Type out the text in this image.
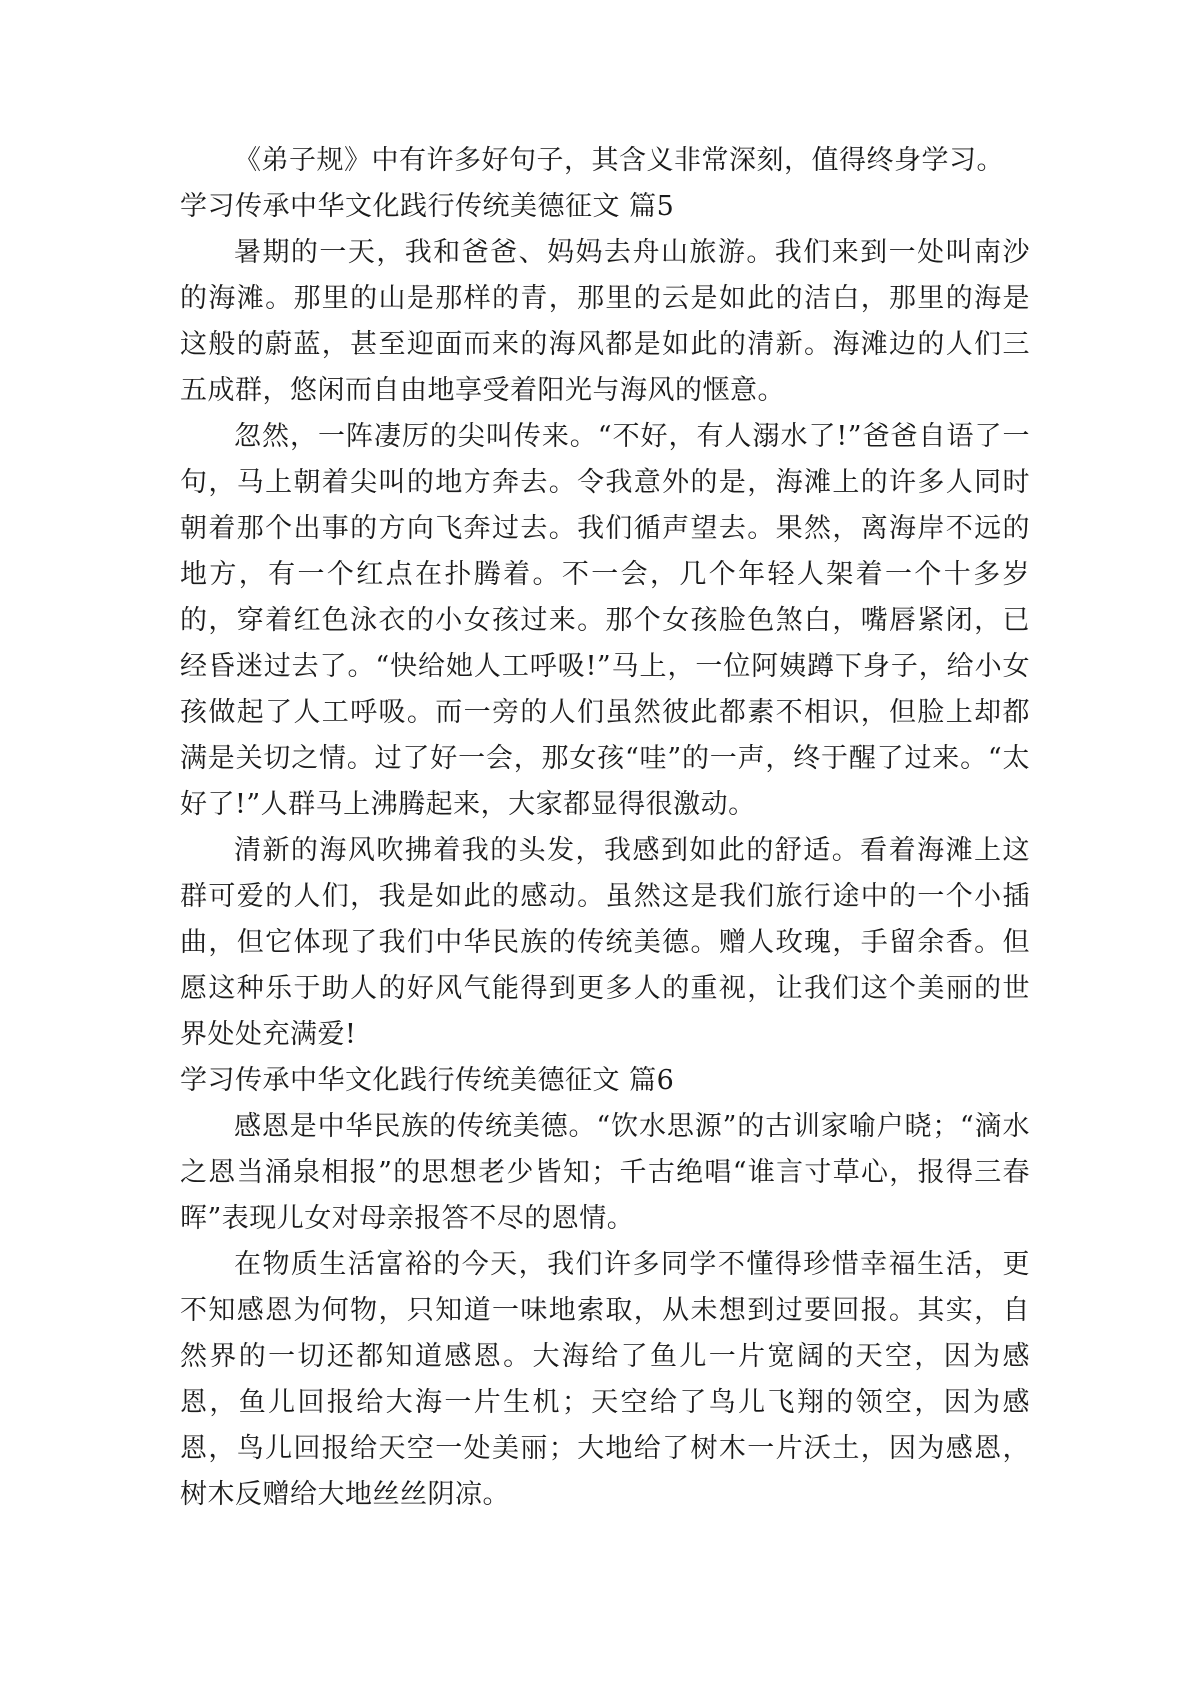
《弟子规》中有许多好句子，其含义非常深刻，值得终身学习。

学习传承中华文化践行传统美德征文 篇5

暑期的一天，我和爸爸、妈妈去舟山旅游。我们来到一处叫南沙的海滩。那里的山是那样的青，那里的云是如此的洁白，那里的海是这般的蔚蓝，甚至迎面而来的海风都是如此的清新。海滩边的人们三五成群，悠闲而自由地享受着阳光与海风的惬意。

忽然，一阵凄厉的尖叫传来。“不好，有人溺水了!”爸爸自语了一句，马上朝着尖叫的地方奔去。令我意外的是，海滩上的许多人同时朝着那个出事的方向飞奔过去。我们循声望去。果然，离海岸不远的地方，有一个红点在扑腾着。不一会，几个年轻人架着一个十多岁的，穿着红色泳衣的小女孩过来。那个女孩脸色煞白，嘴唇紧闭，已经昏迷过去了。“快给她人工呼吸!”马上，一位阿姨蹲下身子，给小女孩做起了人工呼吸。而一旁的人们虽然彼此都素不相识，但脸上却都满是关切之情。过了好一会，那女孩“哇”的一声，终于醒了过来。“太好了!”人群马上沸腾起来，大家都显得很激动。

清新的海风吹拂着我的头发，我感到如此的舒适。看着海滩上这群可爱的人们，我是如此的感动。虽然这是我们旅行途中的一个小插曲，但它体现了我们中华民族的传统美德。赠人玫瑰，手留余香。但愿这种乐于助人的好风气能得到更多人的重视，让我们这个美丽的世界处处充满爱!

学习传承中华文化践行传统美德征文 篇6

感恩是中华民族的传统美德。“饮水思源”的古训家喻户晓；“滴水之恩当涌泉相报”的思想老少皆知；千古绝唱“谁言寸草心，报得三春晖”表现儿女对母亲报答不尽的恩情。

在物质生活富裕的今天，我们许多同学不懂得珍惜幸福生活，更不知感恩为何物，只知道一味地索取，从未想到过要回报。其实，自然界的一切还都知道感恩。大海给了鱼儿一片宽阔的天空，因为感恩，鱼儿回报给大海一片生机；天空给了鸟儿飞翔的领空，因为感恩，鸟儿回报给天空一处美丽；大地给了树木一片沃土，因为感恩，树木反赠给大地丝丝阴凉。
